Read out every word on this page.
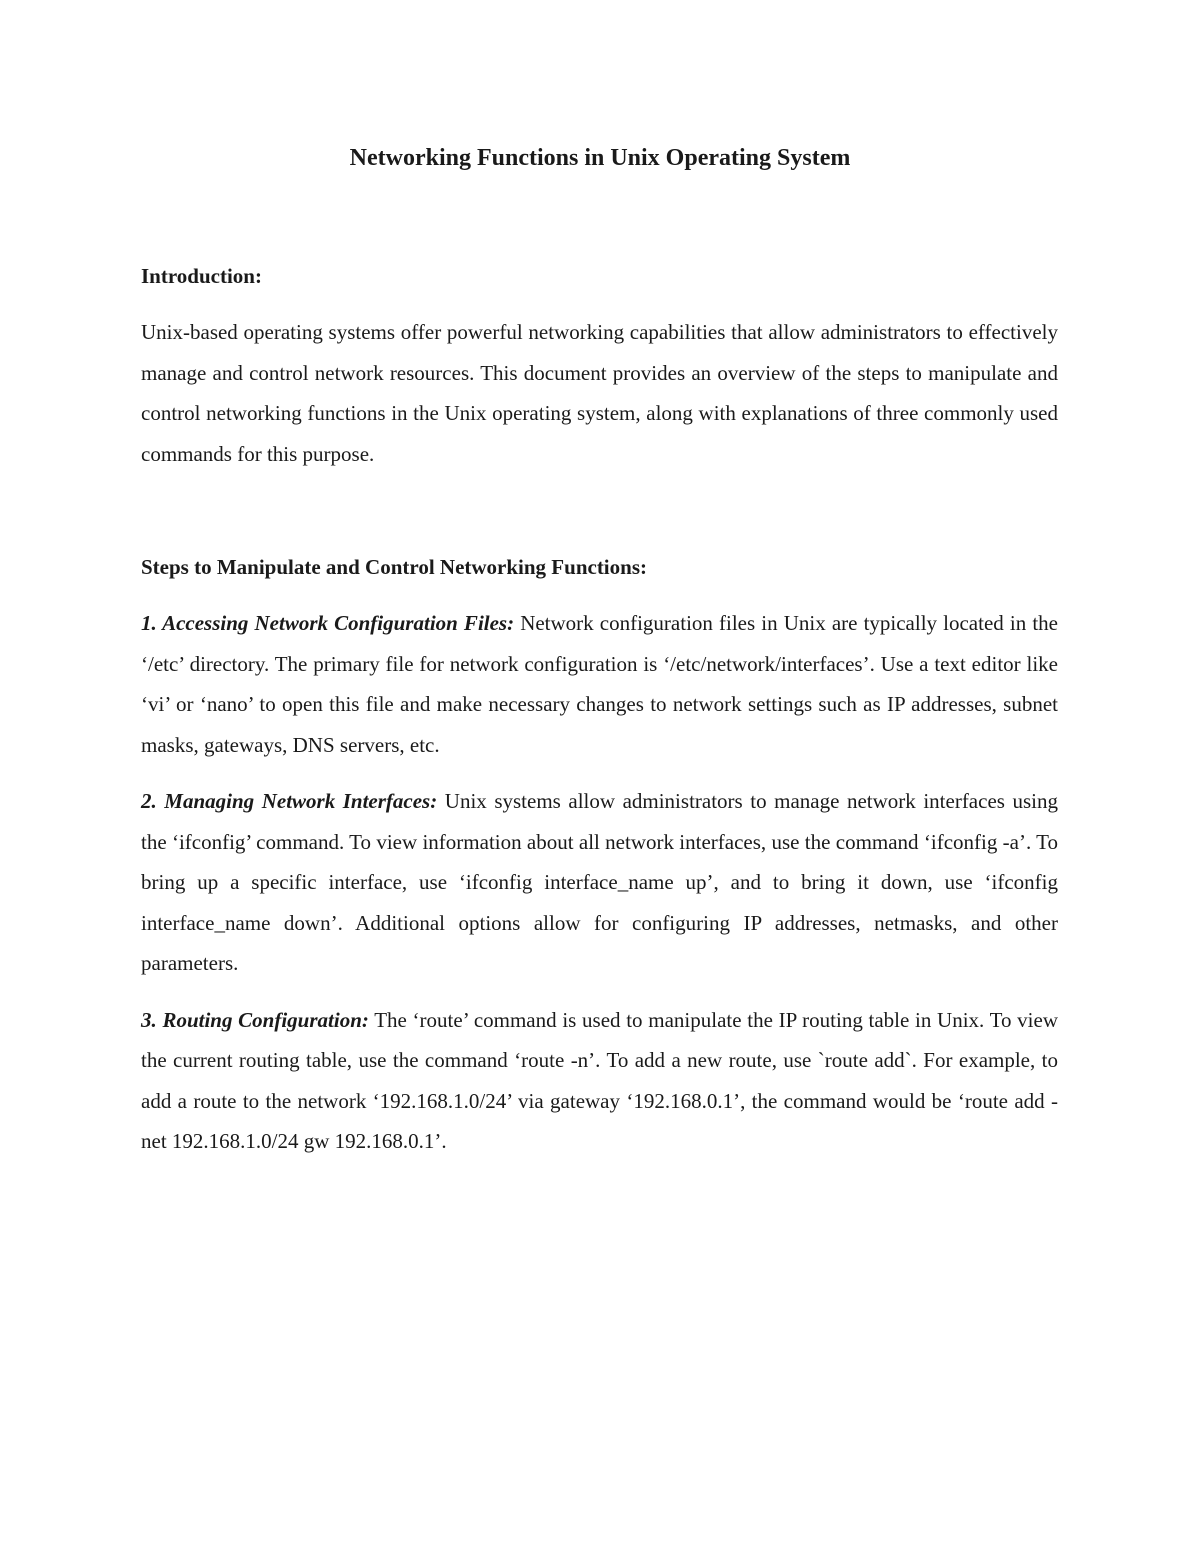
Networking Functions in Unix Operating System

Introduction:

Unix-based operating systems offer powerful networking capabilities that allow administrators to effectively manage and control network resources. This document provides an overview of the steps to manipulate and control networking functions in the Unix operating system, along with explanations of three commonly used commands for this purpose.

Steps to Manipulate and Control Networking Functions:

1. Accessing Network Configuration Files: Network configuration files in Unix are typically located in the ‘/etc’ directory. The primary file for network configuration is ‘/etc/network/interfaces’. Use a text editor like ‘vi’ or ‘nano’ to open this file and make necessary changes to network settings such as IP addresses, subnet masks, gateways, DNS servers, etc.

2. Managing Network Interfaces: Unix systems allow administrators to manage network interfaces using the ‘ifconfig’ command. To view information about all network interfaces, use the command ‘ifconfig -a’. To bring up a specific interface, use ‘ifconfig interface_name up’, and to bring it down, use ‘ifconfig interface_name down’. Additional options allow for configuring IP addresses, netmasks, and other parameters.

3. Routing Configuration: The ‘route’ command is used to manipulate the IP routing table in Unix. To view the current routing table, use the command ‘route -n’. To add a new route, use `route add`. For example, to add a route to the network ‘192.168.1.0/24’ via gateway ‘192.168.0.1’, the command would be ‘route add -net 192.168.1.0/24 gw 192.168.0.1’.
